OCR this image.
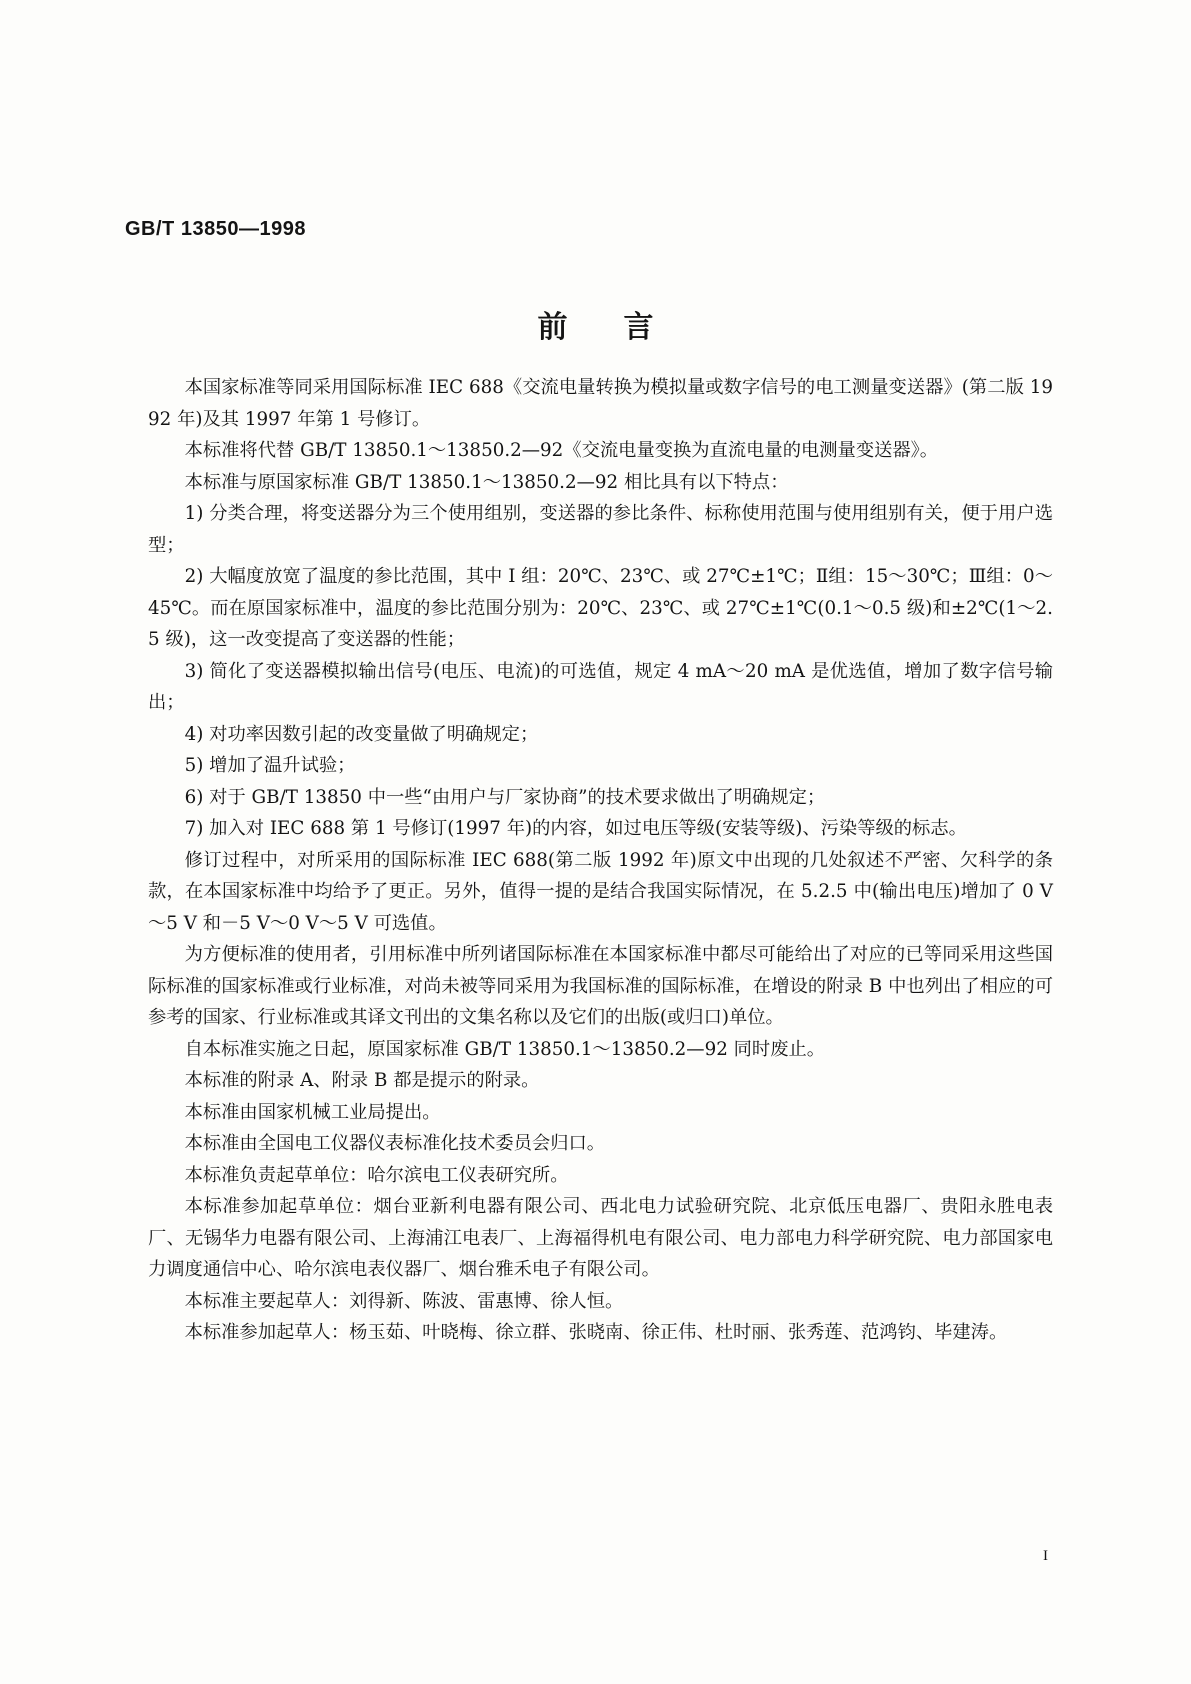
GB/T 13850—1998
前言

本国家标准等同采用国际标准 IEC 688《交流电量转换为模拟量或数字信号的电工测量变送器》(第二版 1992 年)及其 1997 年第 1 号修订。

本标准将代替 GB/T 13850.1～13850.2—92《交流电量变换为直流电量的电测量变送器》。

本标准与原国家标准 GB/T 13850.1～13850.2—92 相比具有以下特点：

1) 分类合理，将变送器分为三个使用组别，变送器的参比条件、标称使用范围与使用组别有关，便于用户选型；

2) 大幅度放宽了温度的参比范围，其中 I 组：20℃、23℃、或 27℃±1℃；Ⅱ组：15～30℃；Ⅲ组：0～45℃。而在原国家标准中，温度的参比范围分别为：20℃、23℃、或 27℃±1℃(0.1～0.5 级)和±2℃(1～2.5 级)，这一改变提高了变送器的性能；

3) 简化了变送器模拟输出信号(电压、电流)的可选值，规定 4 mA～20 mA 是优选值，增加了数字信号输出；

4) 对功率因数引起的改变量做了明确规定；

5) 增加了温升试验；

6) 对于 GB/T 13850 中一些“由用户与厂家协商”的技术要求做出了明确规定；

7) 加入对 IEC 688 第 1 号修订(1997 年)的内容，如过电压等级(安装等级)、污染等级的标志。

修订过程中，对所采用的国际标准 IEC 688(第二版 1992 年)原文中出现的几处叙述不严密、欠科学的条款，在本国家标准中均给予了更正。另外，值得一提的是结合我国实际情况，在 5.2.5 中(输出电压)增加了 0 V～5 V 和－5 V～0 V～5 V 可选值。

为方便标准的使用者，引用标准中所列诸国际标准在本国家标准中都尽可能给出了对应的已等同采用这些国际标准的国家标准或行业标准，对尚未被等同采用为我国标准的国际标准，在增设的附录 B 中也列出了相应的可参考的国家、行业标准或其译文刊出的文集名称以及它们的出版(或归口)单位。

自本标准实施之日起，原国家标准 GB/T 13850.1～13850.2—92 同时废止。

本标准的附录 A、附录 B 都是提示的附录。

本标准由国家机械工业局提出。

本标准由全国电工仪器仪表标准化技术委员会归口。

本标准负责起草单位：哈尔滨电工仪表研究所。

本标准参加起草单位：烟台亚新利电器有限公司、西北电力试验研究院、北京低压电器厂、贵阳永胜电表厂、无锡华力电器有限公司、上海浦江电表厂、上海福得机电有限公司、电力部电力科学研究院、电力部国家电力调度通信中心、哈尔滨电表仪器厂、烟台雅禾电子有限公司。

本标准主要起草人：刘得新、陈波、雷惠博、徐人恒。

本标准参加起草人：杨玉茹、叶晓梅、徐立群、张晓南、徐正伟、杜时丽、张秀莲、范鸿钧、毕建涛。

I
